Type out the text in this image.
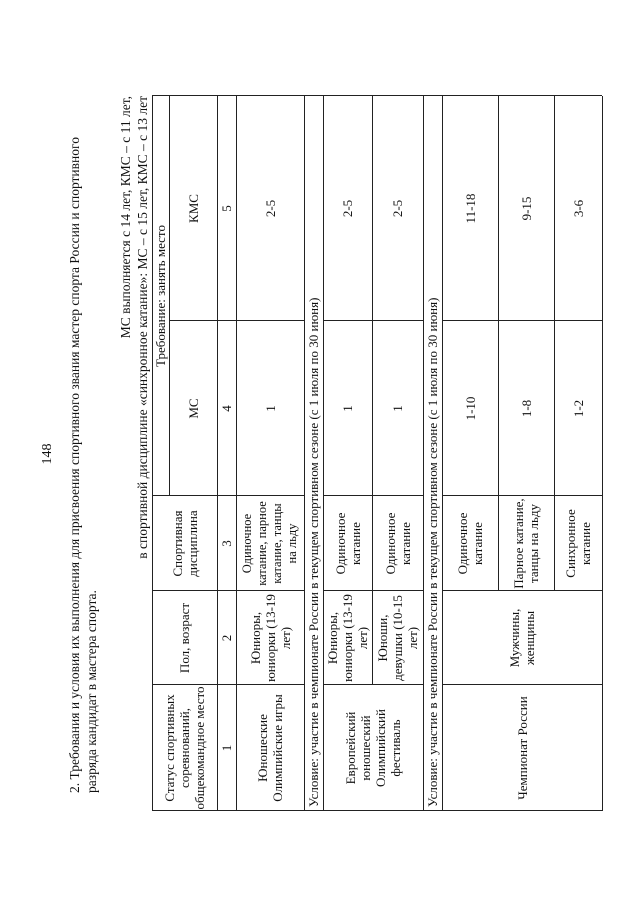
148 2. Требования и условия их выполнения для присвоения спортивного звания мастер спорта России и спортивного разряда кандидат в мастера спорта.
МС выполняется с 14 лет, КМС – с 11 лет, в спортивной дисциплине «синхронное катание»: МС – с 15 лет, КМС – с 13 лет
Статус спортивных соревнований, общекомандное место
Пол, возраст
Спортивная дисциплина
Требование: занять место
МС
КМС
1
2
3
4
5
Юношеские Олимпийские игры
Юниоры, юниорки (13-19 лет)
Одиночное катание, парное катание, танцы на льду
1
2-5
Условие: участие в чемпионате России в текущем спортивном сезоне (с 1 июля по 30 июня)	Европейский юношеский Олимпийский фестиваль
Юниоры, юниорки (13-19 лет)
Одиночное катание
1
2-5
Юноши, девушки (10-15 лет)
Одиночное катание
1
2-5
Условие: участие в чемпионате России в текущем спортивном сезоне (с 1 июля по 30 июня)	Чемпионат России
Мужчины, женщины
Одиночное катание
1-10
11-18
Парное катание, танцы на льду
1-8
9-15
Синхронное катание
1-2
3-6
